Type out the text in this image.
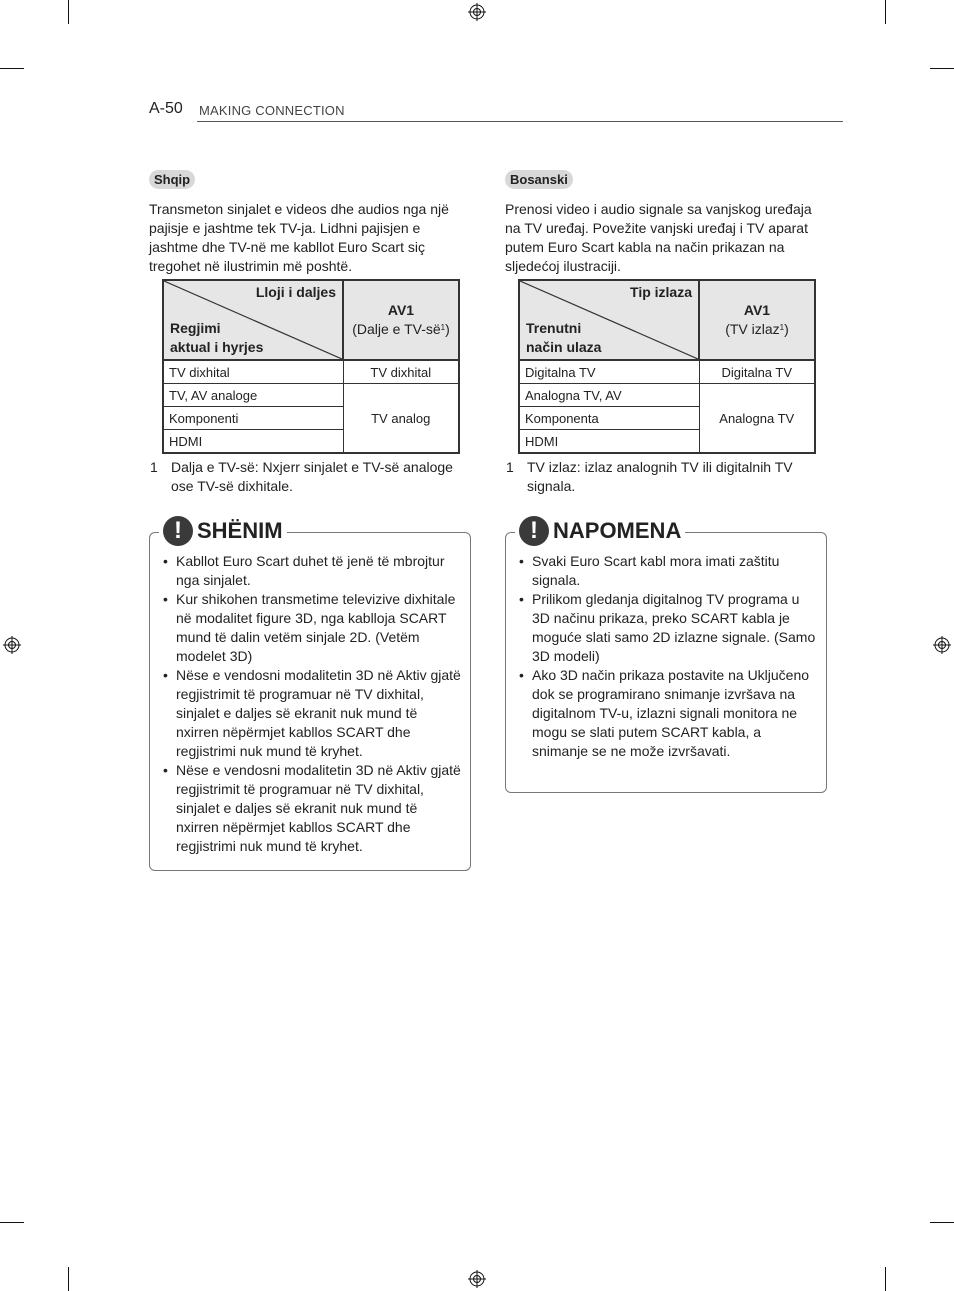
A-50 MAKING CONNECTION
Shqip
Transmeton sinjalet e videos dhe audios nga një pajisje e jashtme tek TV-ja. Lidhni pajisjen e jashtme dhe TV-në me kabllot Euro Scart siç tregohet në ilustrimin më poshtë.
Lloji i daljes
Regjimi
aktual i hyrjes	AV1
(Dalje e $TV-së^1$)
TV dixhital	TV dixhital
TV, AV analoge	TV analog
Komponenti	
HDMI	
1 Dalja e TV-së: Nxjerr sinjalet e TV-së analoge ose TV-së dixhitale.
! SHËNIM
• Kabllot Euro Scart duhet të jenë të mbrojtur nga sinjalet.
• Kur shikohen transmetime televizive dixhitale në modalitet figure 3D, nga kablloja SCART mund të dalin vetëm sinjale 2D. (Vetëm modelet 3D)
• Nëse e vendosni modalitetin 3D në Aktiv gjatë regjistrimit të programuar në TV dixhital, sinjalet e daljes së ekranit nuk mund të nxirren nëpërmjet kabllos SCART dhe regjistrimi nuk mund të kryhet.
• Nëse e vendosni modalitetin 3D në Aktiv gjatë regjistrimit të programuar në TV dixhital, sinjalet e daljes së ekranit nuk mund të nxirren nëpërmjet kabllos SCART dhe regjistrimi nuk mund të kryhet.
Bosanski
Prenosi video i audio signale sa vanjskog uređaja na TV uređaj. Povežite vanjski uređaj i TV aparat putem Euro Scart kabla na način prikazan na sljedećoj ilustraciji.
Tip izlaza
Trenutni
način ulaza	AV1
(TV izlaz$^1$)
Digitalna TV	Digitalna TV
Analogna TV, AV	Analogna TV
Komponenta	
HDMI	
1 TV izlaz: izlaz analognih TV ili digitalnih TV signala.
! NAPOMENA
• Svaki Euro Scart kabl mora imati zaštitu signala.
• Prilikom gledanja digitalnog TV programa u 3D načinu prikaza, preko SCART kabla je moguće slati samo 2D izlazne signale. (Samo 3D modeli)
• Ako 3D način prikaza postavite na Uključeno dok se programirano snimanje izvršava na digitalnom TV-u, izlazni signali monitora ne mogu se slati putem SCART kabla, a snimanje se ne može izvršavati.
